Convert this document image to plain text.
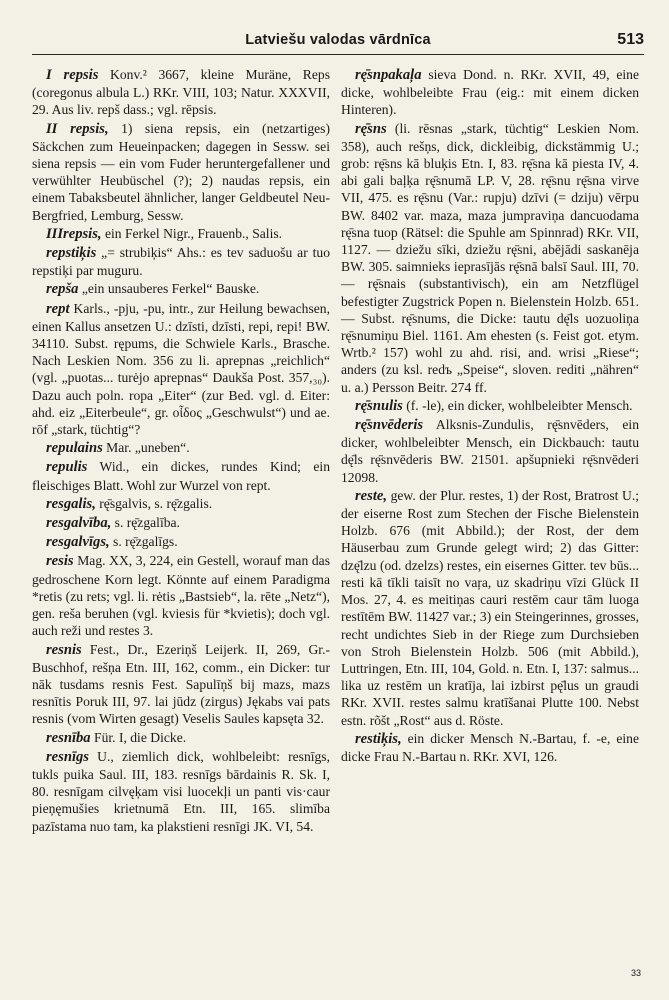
Latviešu valodas vārdnīca	513

I repsis Konv.² 3667, kleine Muräne, Reps (coregonus albula L.) RKr. VIII, 103; Natur. XXXVII, 29. Aus liv. repš dass.; vgl. rēpsis.

II repsis, 1) siena repsis, ein (netzartiges) Säckchen zum Heueinpacken; dagegen in Sessw. sei siena repsis — ein vom Fuder heruntergefallener und verwühlter Heubüschel (?); 2) naudas repsis, ein einem Tabaksbeutel ähnlicher, langer Geldbeutel Neu-Bergfried, Lemburg, Sessw.

IIIrepsis, ein Ferkel Nigr., Frauenb., Salis.

repstiķis „= strubiķis“ Ahs.: es tev saduošu ar tuo repstiķi par muguru.

repša „ein unsauberes Ferkel“ Bauske.

rept Karls., -pju, -pu, intr., zur Heilung bewachsen, einen Kallus ansetzen U.: dzīsti, dzīsti, repi, repi! BW. 34110. Subst. rępums, die Schwiele Karls., Brasche. Nach Leskien Nom. 356 zu li. aprepnas „reichlich“ (vgl. „puotas... turėjo aprepnas“ Daukša Post. 357,₃₀). Dazu auch poln. ropa „Eiter“ (zur Bed. vgl. d. Eiter: ahd. eiz „Eiterbeule“, gr. οἶδος „Geschwulst“) und ae. rōf „stark, tüchtig“?

repulains Mar. „uneben“.

repulis Wid., ein dickes, rundes Kind; ein fleischiges Blatt. Wohl zur Wurzel von rept.

resgalis, rę̄sgalvis, s. rę̄zgalis.

resgalvība, s. rę̄zgalība.

resgalvīgs, s. rę̄zgalīgs.

resis Mag. XX, 3, 224, ein Gestell, worauf man das gedroschene Korn legt. Könnte auf einem Paradigma *retis (zu rets; vgl. li. rėtis „Bastsieb“, la. rēte „Netz“), gen. reša beruhen (vgl. kviesis für *kvietis); doch vgl. auch reži und restes 3.

resnis Fest., Dr., Ezeriņš Leijerk. II, 269, Gr.-Buschhof, rešņa Etn. III, 162, comm., ein Dicker: tur nāk tusdams resnis Fest. Sapulīņš bij mazs, mazs resnītis Poruk III, 97. lai jūdz (zirgus) Jękabs vai pats resnis (vom Wirten gesagt) Veselis Saules kapsęta 32.

resnība Für. I, die Dicke.

resnīgs U., ziemlich dick, wohlbeleibt: resnīgs, tukls puika Saul. III, 183. resnīgs bārdainis R. Sk. I, 80. resnīgam cilvęķam visi luocekļi un panti vis·caur pieņęmušies krietnumā Etn. III, 165. slimība pazīstama nuo tam, ka plakstieni resnīgi JK. VI, 54.

rę̄snpakaļa sieva Dond. n. RKr. XVII, 49, eine dicke, wohlbeleibte Frau (eig.: mit einem dicken Hinteren).

rę̄sns (li. rēsnas „stark, tüchtig“ Leskien Nom. 358), auch rešņs, dick, dickleibig, dickstämmig U.; grob: rę̄sns kā bluķis Etn. I, 83. rę̄sna kā piesta IV, 4. abi gali baļķa rę̄snumā LP. V, 28. rę̄snu rę̄sna virve VII, 475. es rę̄snu (Var.: rupju) dzīvi (= dziju) vērpu BW. 8402 var. maza, maza jumpraviņa dancuodama rę̄sna tuop (Rätsel: die Spuhle am Spinnrad) RKr. VII, 1127. — dziežu sīki, dziežu rę̄sni, abējādi saskanēja BW. 305. saimnieks ieprasījās rę̄snā balsī Saul. III, 70. — rę̄snais (substantivisch), ein am Netzflügel befestigter Zugstrick Popen n. Bielenstein Holzb. 651. — Subst. rę̄snums, die Dicke: tautu dę̄ls uozuoliņa rę̄snumiņu Biel. 1161. Am ehesten (s. Feist got. etym. Wrtb.² 157) wohl zu ahd. risi, and. wrisi „Riese“; anders (zu ksl. redъ „Speise“, sloven. rediti „nähren“ u. a.) Persson Beitr. 274 ff.

rę̄snulis (f. -le), ein dicker, wohlbeleibter Mensch.

rę̄snvēderis Alksnis-Zundulis, rę̄snvēders, ein dicker, wohlbeleibter Mensch, ein Dickbauch: tautu dę̄ls rę̄snvēderis BW. 21501. apšupnieki rę̄snvēderi 12098.

reste, gew. der Plur. restes, 1) der Rost, Bratrost U.; der eiserne Rost zum Stechen der Fische Bielenstein Holzb. 676 (mit Abbild.); der Rost, der dem Häuserbau zum Grunde gelegt wird; 2) das Gitter: dzę̄lzu (od. dzelzs) restes, ein eisernes Gitter. tev būs... resti kā tīkli taisīt no vaŗa, uz skadriņu vīzi Glück II Mos. 27, 4. es meitiņas cauri restēm caur tām luoga restītēm BW. 11427 var.; 3) ein Steingerinnes, grosses, recht undichtes Sieb in der Riege zum Durchsieben von Stroh Bielenstein Holzb. 506 (mit Abbild.), Luttringen, Etn. III, 104, Gold. n. Etn. I, 137: salmus... lika uz restēm un kratīja, lai izbirst pę̄lus un graudi RKr. XVII. restes salmu kratīšanai Plutte 100. Nebst estn. rõšt „Rost“ aus d. Röste.

restiķis, ein dicker Mensch N.-Bartau, f. -e, eine dicke Frau N.-Bartau n. RKr. XVI, 126.

33
